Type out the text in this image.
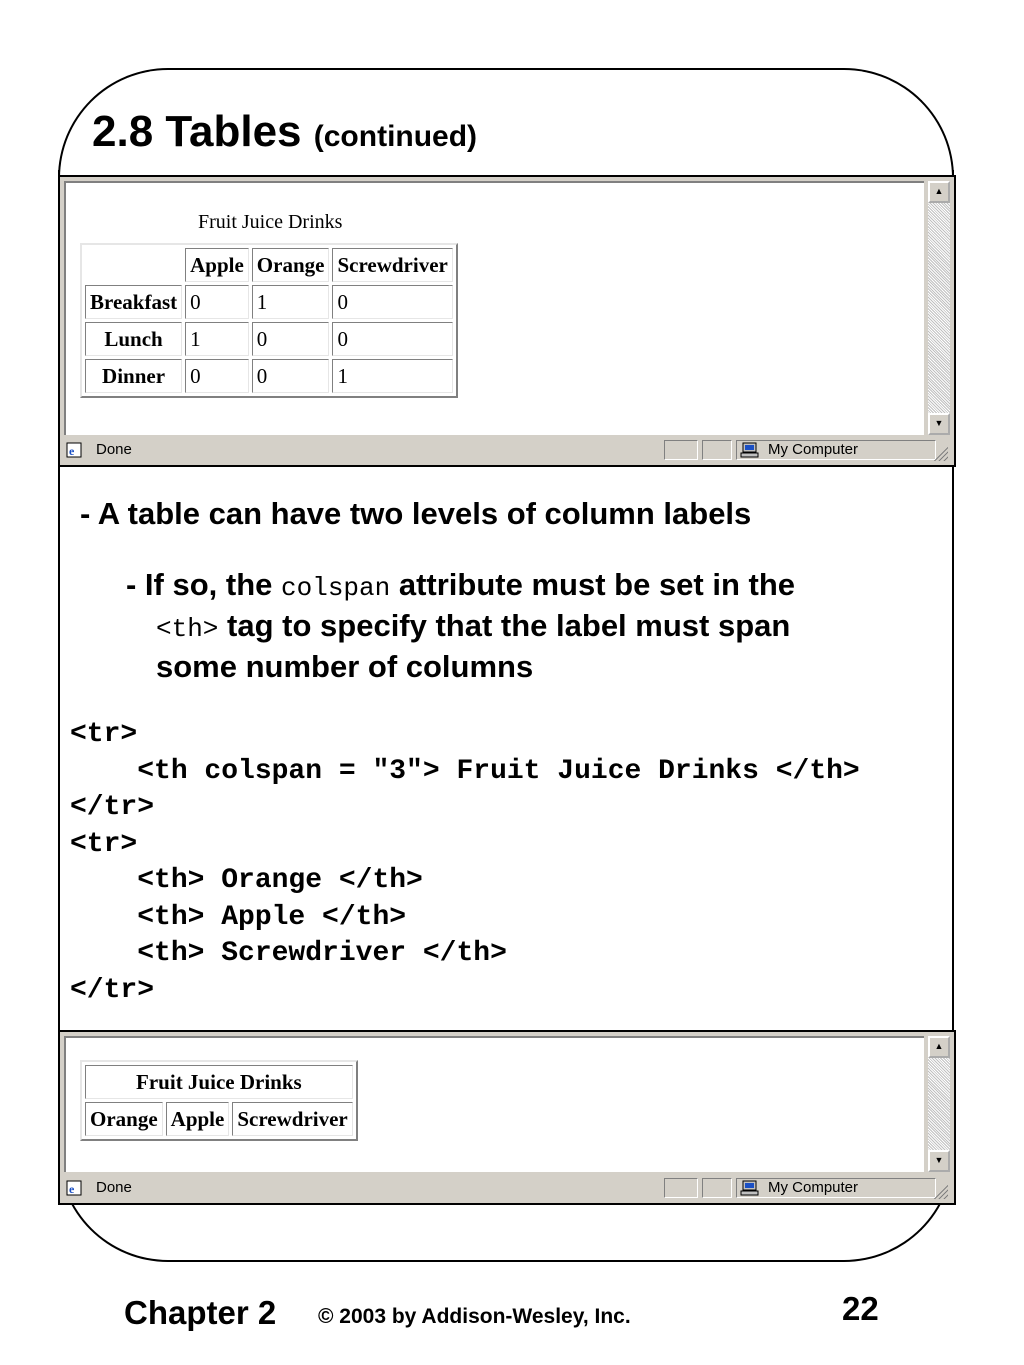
2.8 Tables (continued)
Fruit Juice Drinks
	Apple	Orange	Screwdriver
Breakfast	0	1	0
Lunch	1	0	0
Dinner	0	0	1
▲
▼
e Done	My Computer
- A table can have two levels of column labels
- If so, the colspan attribute must be set in the
<th> tag to specify that the label must span some number of columns
<tr>
<th colspan = "3"> Fruit Juice Drinks </th>
</tr>
<tr>
<th> Orange </th>
<th> Apple </th>
<th> Screwdriver </th>
</tr>
Fruit Juice Drinks
Orange	Apple	Screwdriver
▲
▼
e Done	My Computer
Chapter 2 © 2003 by Addison-Wesley, Inc.	22
